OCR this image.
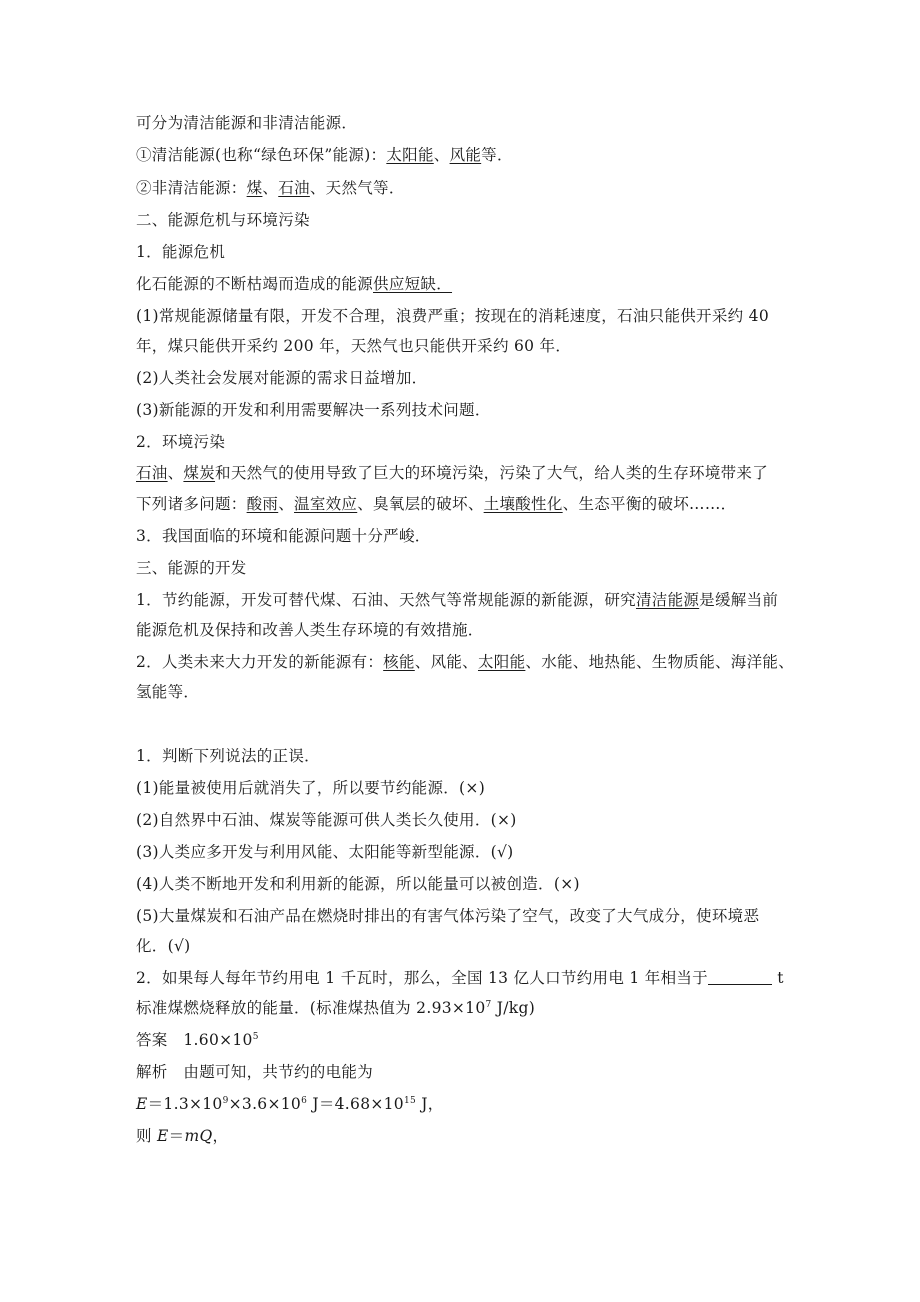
可分为清洁能源和非清洁能源．
①清洁能源(也称“绿色环保”能源)：太阳能、风能等．
②非清洁能源：煤、石油、天然气等．
二、能源危机与环境污染
1．能源危机
化石能源的不断枯竭而造成的能源供应短缺．
(1)常规能源储量有限，开发不合理，浪费严重；按现在的消耗速度，石油只能供开采约 40
年，煤只能供开采约 200 年，天然气也只能供开采约 60 年．
(2)人类社会发展对能源的需求日益增加．
(3)新能源的开发和利用需要解决一系列技术问题．
2．环境污染
石油、煤炭和天然气的使用导致了巨大的环境污染，污染了大气，给人类的生存环境带来了
下列诸多问题：酸雨、温室效应、臭氧层的破坏、土壤酸性化、生态平衡的破坏……．
3．我国面临的环境和能源问题十分严峻．
三、能源的开发
1．节约能源，开发可替代煤、石油、天然气等常规能源的新能源，研究清洁能源是缓解当前
能源危机及保持和改善人类生存环境的有效措施．
2．人类未来大力开发的新能源有：核能、风能、太阳能、水能、地热能、生物质能、海洋能、
氢能等．
1．判断下列说法的正误．
(1)能量被使用后就消失了，所以要节约能源．(×)
(2)自然界中石油、煤炭等能源可供人类长久使用．(×)
(3)人类应多开发与利用风能、太阳能等新型能源．(√)
(4)人类不断地开发和利用新的能源，所以能量可以被创造．(×)
(5)大量煤炭和石油产品在燃烧时排出的有害气体污染了空气，改变了大气成分，使环境恶
化．(√)
2．如果每人每年节约用电 1 千瓦时，那么，全国 13 亿人口节约用电 1 年相当于	t
标准煤燃烧释放的能量．(标准煤热值为 $2.93\times 10^7$ J/kg)
答案　$1.60\times 10^5$
解析　由题可知，共节约的电能为
$E=1.3\times 10^9\times 3.6\times 10^6$ $J=4.68\times 10^{15}$ J，
则 E＝mQ，
